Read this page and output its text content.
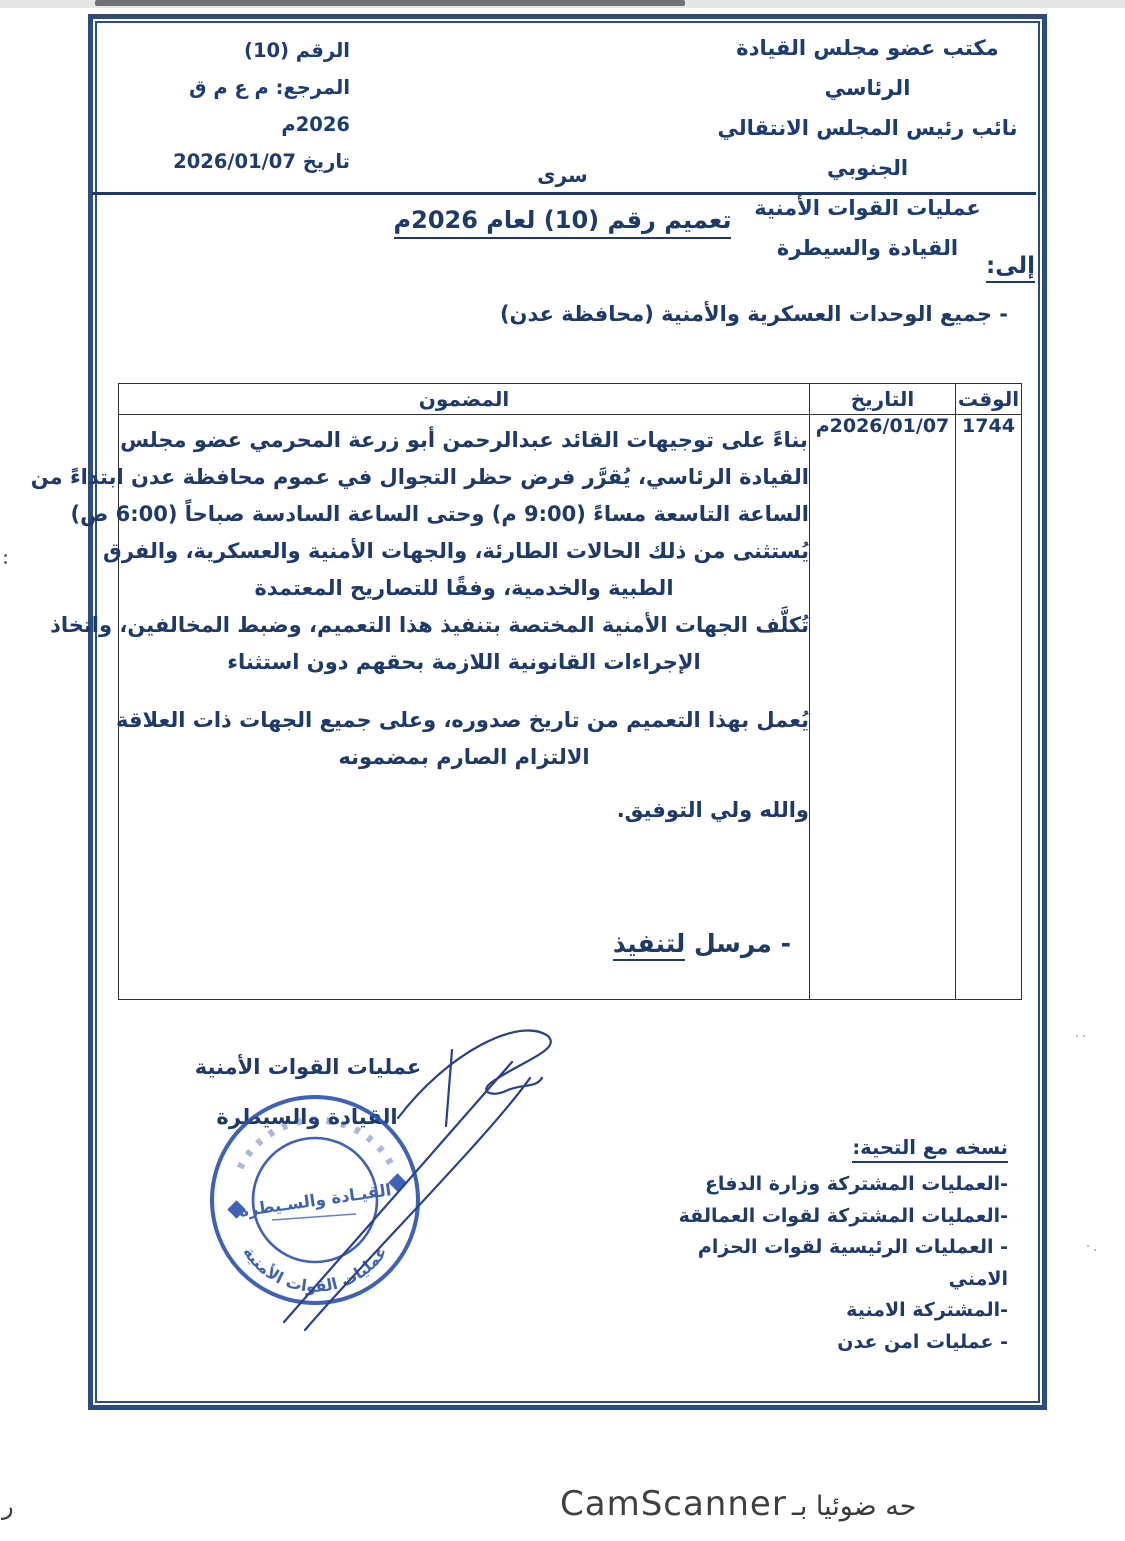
··
·.
مكتب عضو مجلس القيادة الرئاسي
نائب رئيس المجلس الانتقالي الجنوبي
عمليات القوات الأمنية
القيادة والسيطرة
الرقم (10)
المرجع: م ع م ق 2026م
تاريخ 2026/01/07
سرى
تعميم رقم (10) لعام 2026م
إلى:
- جميع الوحدات العسكرية والأمنية (محافظة عدن)
الوقت	التاريخ	المضمون
1744	2026/01/07م	
بناءً على توجيهات القائد عبدالرحمن أبو زرعة المحرمي عضو مجلس
القيادة الرئاسي، يُقرَّر فرض حظر التجوال في عموم محافظة عدن ابتداءً من
الساعة التاسعة مساءً (9:00 م) وحتى الساعة السادسة صباحاً (6:00 ص)
يُستثنى من ذلك الحالات الطارئة، والجهات الأمنية والعسكرية، والفرق
الطبية والخدمية، وفقًا للتصاريح المعتمدة
تُكلَّف الجهات الأمنية المختصة بتنفيذ هذا التعميم، وضبط المخالفين، واتخاذ
الإجراءات القانونية اللازمة بحقهم دون استثناء
يُعمل بهذا التعميم من تاريخ صدوره، وعلى جميع الجهات ذات العلاقة
الالتزام الصارم بمضمونه
والله ولي التوفيق.
- مرسل لتنفيذ
عمليات القوات الأمنية
القيادة والسيطرة
القيـادة والسـيطرة
عمليات القوات الأمنية
نسخه مع التحية:
-العمليات المشتركة وزارة الدفاع
-العمليات المشتركة لقوات العمالقة
- العمليات الرئيسية لقوات الحزام الامني
-المشتركة الامنية
- عمليات امن عدن
حه ضوئيا بـ CamScanner
ر
